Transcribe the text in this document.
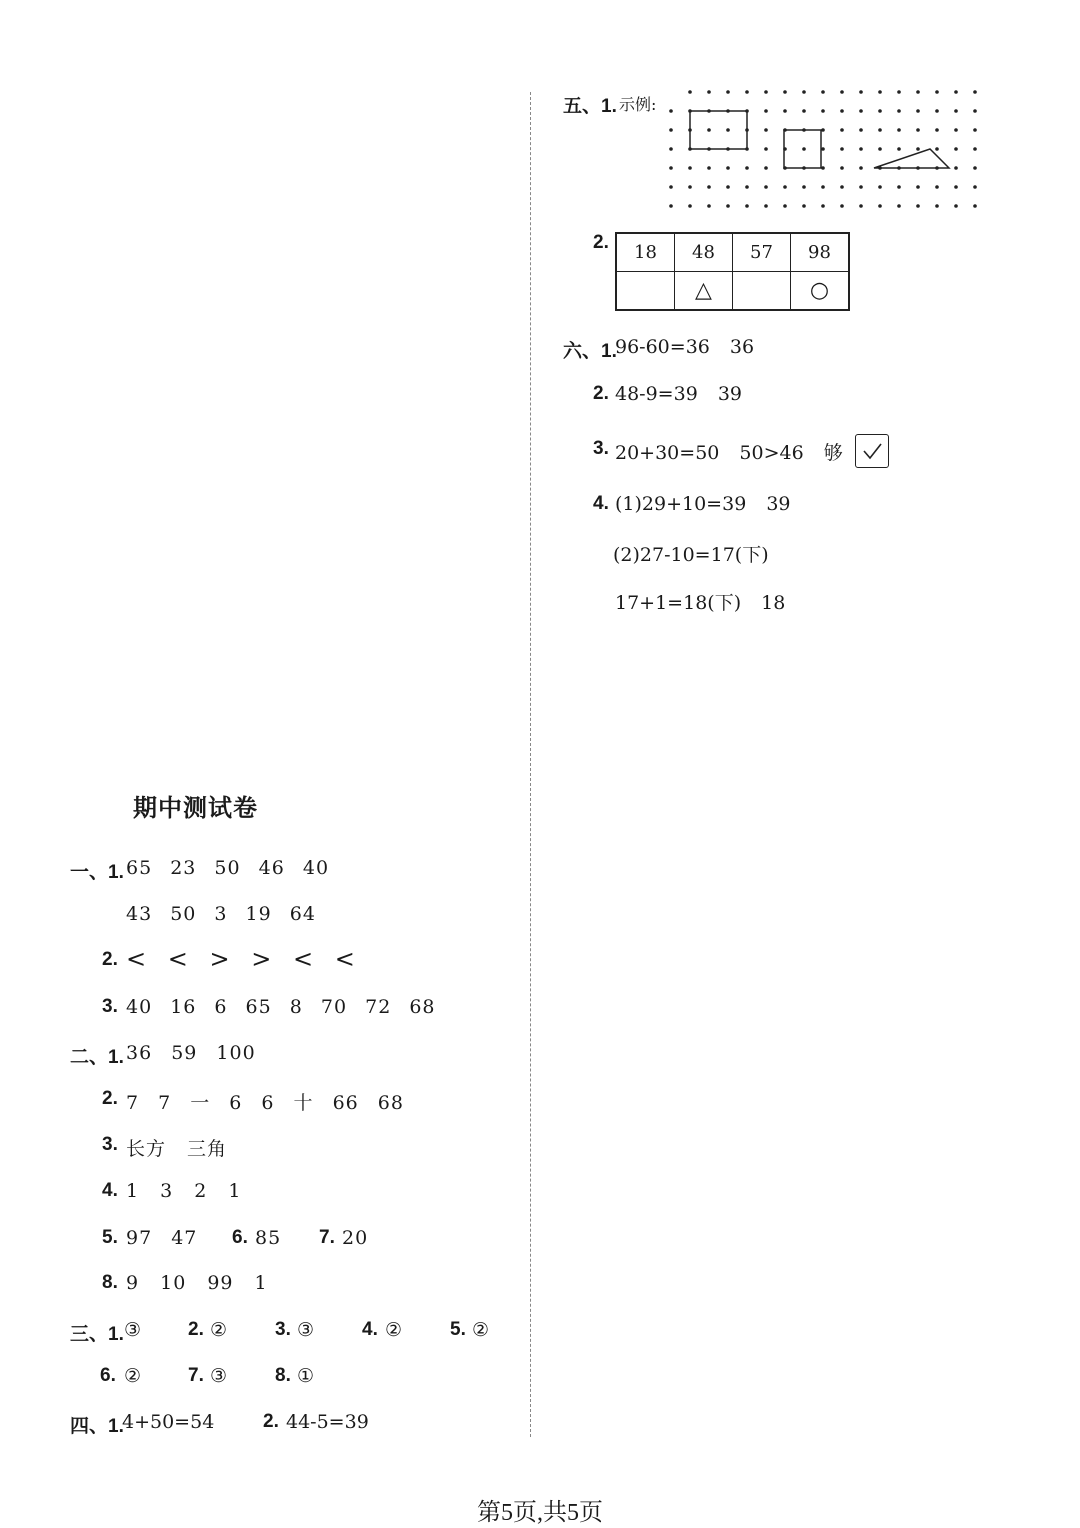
期中测试卷
一、1. 65 23 50 46 40
43 50 3 19 64
2. < < > > < <
3. 40 16 6 65 8 70 72 68
二、1. 36 59 100
2. 7 7 一 6 6 十 66 68
3. 长方 三角
4. 1 3 2 1
5. 97 47 6. 85 7. 20
8. 9 10 99 1
三、1. ③ 2. ② 3. ③ 4. ② 5. ②
6. ② 7. ③ 8. ①
四、1.
4+50=54	2. 44-5=39
五、1. 示例:
2. 18	48	57	98
	△		○
六、1.
96-60=36 36
2. 48-9=39 39
3. 20+30=50 50>46 够
4. (1)29+10=39 39
(2)27-10=17(下)
17+1=18(下) 18
第5页,共5页
